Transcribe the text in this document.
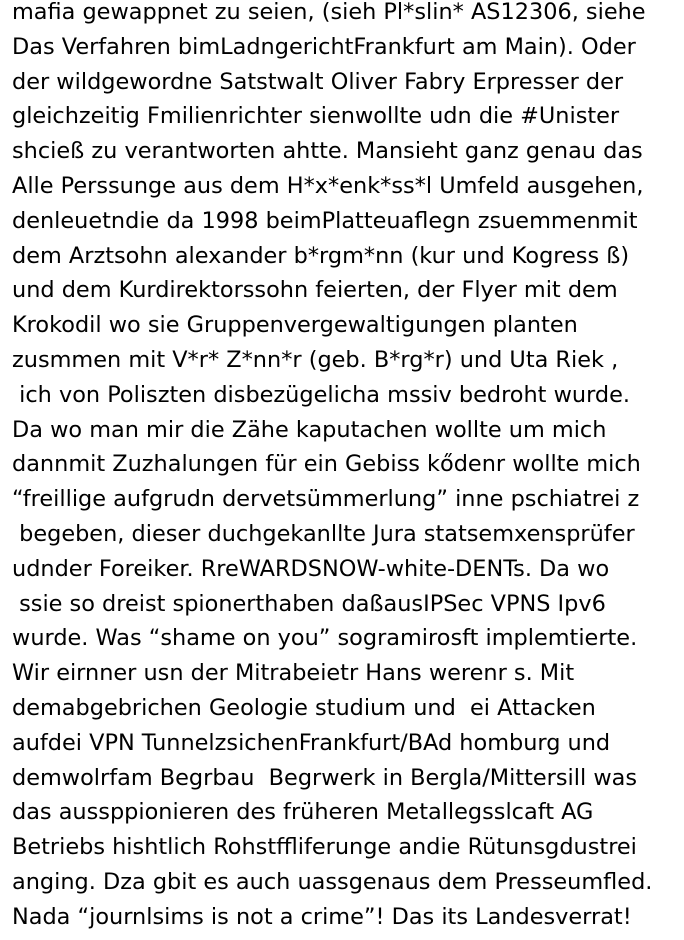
mafia gewappnet zu seien, (sieh Pl*slin* AS12306, siehe
Das Verfahren bimLadngerichtFrankfurt am Main). Oder
der wildgewordne Satstwalt Oliver Fabry Erpresser der
gleichzeitig Fmilienrichter sienwollte udn die #Unister
shcieß zu verantworten ahtte. Mansieht ganz genau das
Alle Perssunge aus dem H*x*enk*ss*l Umfeld ausgehen,
denleuetndie da 1998 beimPlatteuaflegn zsuemmenmit
dem Arztsohn alexander b*rgm*nn (kur und Kogress ß)
und dem Kurdirektorssohn feierten, der Flyer mit dem
Krokodil wo sie Gruppenvergewaltigungen planten
zusmmen mit V*r* Z*nn*r (geb. B*rg*r) und Uta Riek ,
ich von Poliszten disbezügelicha mssiv bedroht wurde.
Da wo man mir die Zähe kaputachen wollte um mich
dannmit Zuzhalungen für ein Gebiss kődenr wollte mich
“freillige aufgrudn dervetsümmerlung” inne pschiatrei z
begeben, dieser duchgekanllte Jura statsemxensprüfer
udnder Foreiker. RreWARDSNOW-white-DENTs. Da wo
ssie so dreist spionerthaben daßausIPSec VPNS Ipv6
wurde. Was “shame on you” sogramirosft implemtierte.
Wir eirnner usn der Mitrabeietr Hans werenr s. Mit
demabgebrichen Geologie studium und  ei Attacken
aufdei VPN TunnelzsichenFrankfurt/BAd homburg und
demwolrfam Begrbau  Begrwerk in Bergla/Mittersill was
das aussppionieren des früheren Metallegsslcaft AG
Betriebs hishtlich Rohstffliferunge andie Rütunsgdustrei
anging. Dza gbit es auch uassgenaus dem Presseumfled.
Nada “journlsims is not a crime”! Das its Landesverrat!
